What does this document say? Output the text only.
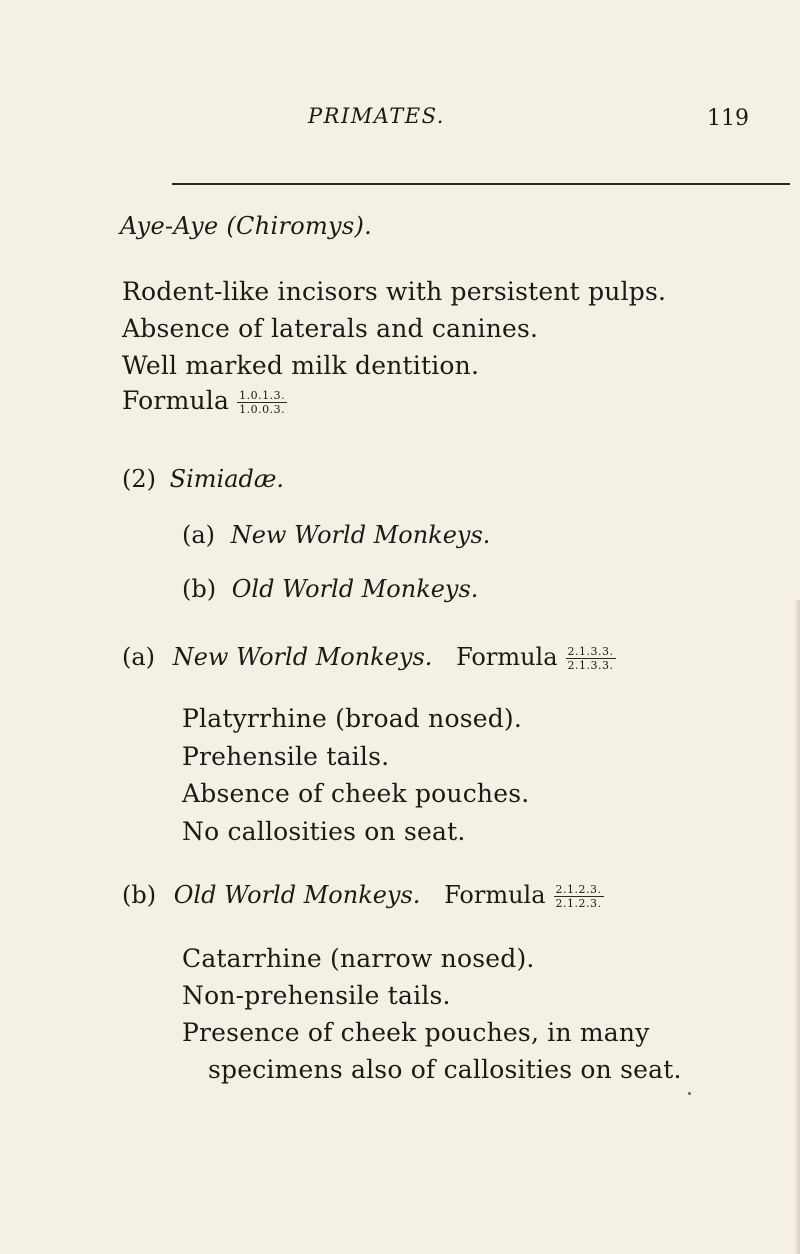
PRIMATES.	119
Aye-Aye (Chiromys).
Rodent-like incisors with persistent pulps.
Absence of laterals and canines.
Well marked milk dentition.
Formula $\frac{1.0.1.3.}{1.0.0.3.}$
(2) Simiadæ.
(a) New World Monkeys.
(b) Old World Monkeys.
(a) New World Monkeys. Formula $\frac{2.1.3.3.}{2.1.3.3.}$
Platyrrhine (broad nosed).
Prehensile tails.
Absence of cheek pouches.
No callosities on seat.
(b) Old World Monkeys. Formula $\frac{2.1.2.3.}{2.1.2.3.}$
Catarrhine (narrow nosed).
Non-prehensile tails.
Presence of cheek pouches, in many
specimens also of callosities on seat.
